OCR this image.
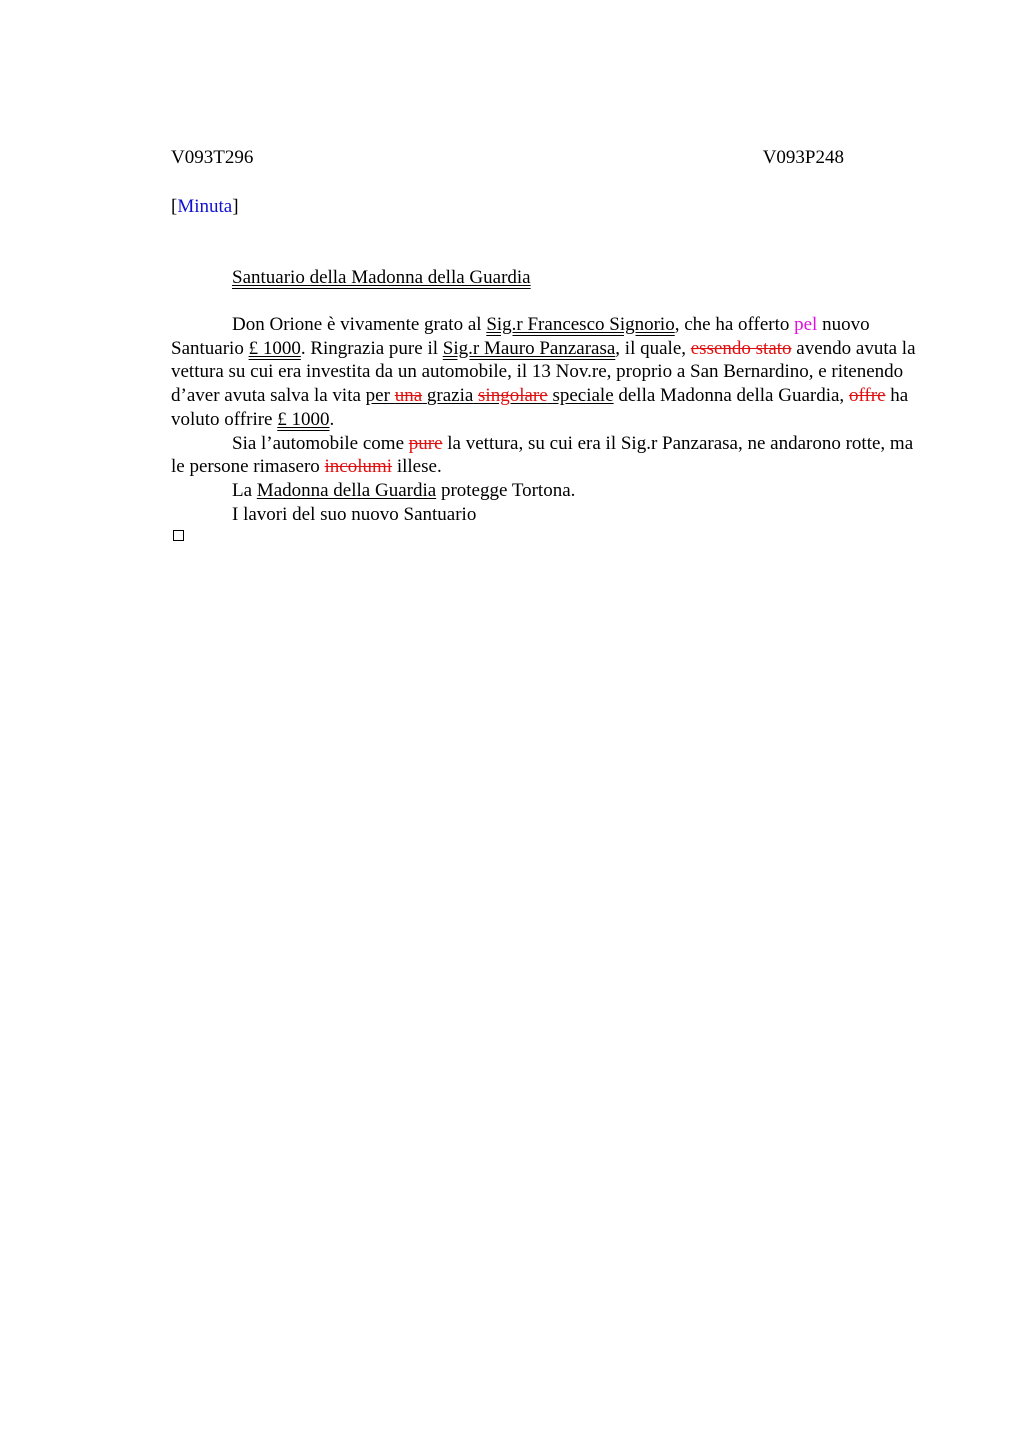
V093T296	V093P248
[Minuta]
Santuario della Madonna della Guardia

Don Orione è vivamente grato al Sig.r Francesco Signorio, che ha offerto pel nuovo Santuario £ 1000. Ringrazia pure il Sig.r Mauro Panzarasa, il quale, essendo stato avendo avuta la vettura su cui era investita da un automobile, il 13 Nov.re, proprio a San Bernardino, e ritenendo d’aver avuta salva la vita per una grazia singolare speciale della Madonna della Guardia, offre ha voluto offrire £ 1000.

Sia l’automobile come pure la vettura, su cui era il Sig.r Panzarasa, ne andarono rotte, ma le persone rimasero incolumi illese.

La Madonna della Guardia protegge Tortona.

I lavori del suo nuovo Santuario
